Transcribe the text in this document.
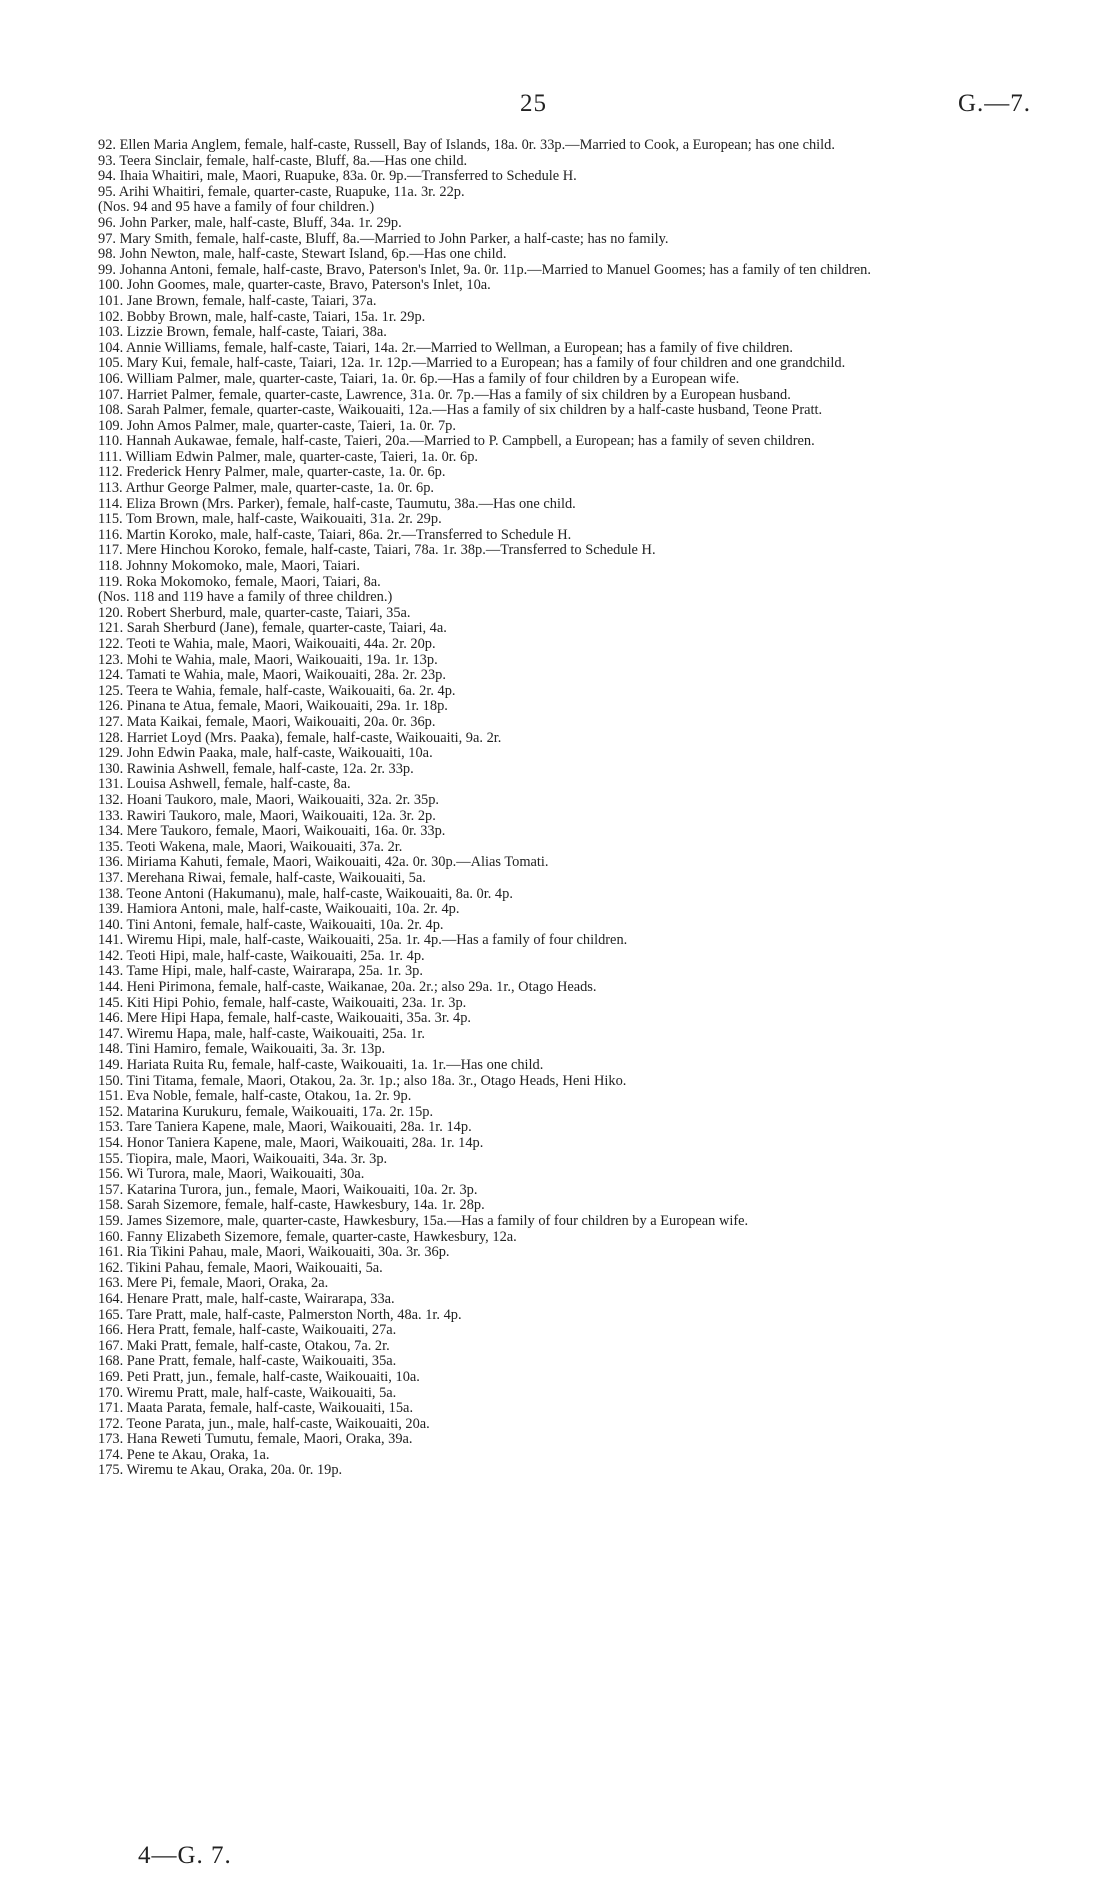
25	G.—7.

92. Ellen Maria Anglem, female, half-caste, Russell, Bay of Islands, 18a. 0r. 33p.—Married to Cook, a European; has one child.

93. Teera Sinclair, female, half-caste, Bluff, 8a.—Has one child.

94. Ihaia Whaitiri, male, Maori, Ruapuke, 83a. 0r. 9p.—Transferred to Schedule H.

95. Arihi Whaitiri, female, quarter-caste, Ruapuke, 11a. 3r. 22p.

(Nos. 94 and 95 have a family of four children.)

96. John Parker, male, half-caste, Bluff, 34a. 1r. 29p.

97. Mary Smith, female, half-caste, Bluff, 8a.—Married to John Parker, a half-caste; has no family.

98. John Newton, male, half-caste, Stewart Island, 6p.—Has one child.

99. Johanna Antoni, female, half-caste, Bravo, Paterson's Inlet, 9a. 0r. 11p.—Married to Manuel Goomes; has a family of ten children.

100. John Goomes, male, quarter-caste, Bravo, Paterson's Inlet, 10a.

101. Jane Brown, female, half-caste, Taiari, 37a.

102. Bobby Brown, male, half-caste, Taiari, 15a. 1r. 29p.

103. Lizzie Brown, female, half-caste, Taiari, 38a.

104. Annie Williams, female, half-caste, Taiari, 14a. 2r.—Married to Wellman, a European; has a family of five children.

105. Mary Kui, female, half-caste, Taiari, 12a. 1r. 12p.—Married to a European; has a family of four children and one grandchild.

106. William Palmer, male, quarter-caste, Taiari, 1a. 0r. 6p.—Has a family of four children by a European wife.

107. Harriet Palmer, female, quarter-caste, Lawrence, 31a. 0r. 7p.—Has a family of six children by a European husband.

108. Sarah Palmer, female, quarter-caste, Waikouaiti, 12a.—Has a family of six children by a half-caste husband, Teone Pratt.

109. John Amos Palmer, male, quarter-caste, Taieri, 1a. 0r. 7p.

110. Hannah Aukawae, female, half-caste, Taieri, 20a.—Married to P. Campbell, a European; has a family of seven children.

111. William Edwin Palmer, male, quarter-caste, Taieri, 1a. 0r. 6p.

112. Frederick Henry Palmer, male, quarter-caste, 1a. 0r. 6p.

113. Arthur George Palmer, male, quarter-caste, 1a. 0r. 6p.

114. Eliza Brown (Mrs. Parker), female, half-caste, Taumutu, 38a.—Has one child.

115. Tom Brown, male, half-caste, Waikouaiti, 31a. 2r. 29p.

116. Martin Koroko, male, half-caste, Taiari, 86a. 2r.—Transferred to Schedule H.

117. Mere Hinchou Koroko, female, half-caste, Taiari, 78a. 1r. 38p.—Transferred to Schedule H.

118. Johnny Mokomoko, male, Maori, Taiari.

119. Roka Mokomoko, female, Maori, Taiari, 8a.

(Nos. 118 and 119 have a family of three children.)

120. Robert Sherburd, male, quarter-caste, Taiari, 35a.

121. Sarah Sherburd (Jane), female, quarter-caste, Taiari, 4a.

122. Teoti te Wahia, male, Maori, Waikouaiti, 44a. 2r. 20p.

123. Mohi te Wahia, male, Maori, Waikouaiti, 19a. 1r. 13p.

124. Tamati te Wahia, male, Maori, Waikouaiti, 28a. 2r. 23p.

125. Teera te Wahia, female, half-caste, Waikouaiti, 6a. 2r. 4p.

126. Pinana te Atua, female, Maori, Waikouaiti, 29a. 1r. 18p.

127. Mata Kaikai, female, Maori, Waikouaiti, 20a. 0r. 36p.

128. Harriet Loyd (Mrs. Paaka), female, half-caste, Waikouaiti, 9a. 2r.

129. John Edwin Paaka, male, half-caste, Waikouaiti, 10a.

130. Rawinia Ashwell, female, half-caste, 12a. 2r. 33p.

131. Louisa Ashwell, female, half-caste, 8a.

132. Hoani Taukoro, male, Maori, Waikouaiti, 32a. 2r. 35p.

133. Rawiri Taukoro, male, Maori, Waikouaiti, 12a. 3r. 2p.

134. Mere Taukoro, female, Maori, Waikouaiti, 16a. 0r. 33p.

135. Teoti Wakena, male, Maori, Waikouaiti, 37a. 2r.

136. Miriama Kahuti, female, Maori, Waikouaiti, 42a. 0r. 30p.—Alias Tomati.

137. Merehana Riwai, female, half-caste, Waikouaiti, 5a.

138. Teone Antoni (Hakumanu), male, half-caste, Waikouaiti, 8a. 0r. 4p.

139. Hamiora Antoni, male, half-caste, Waikouaiti, 10a. 2r. 4p.

140. Tini Antoni, female, half-caste, Waikouaiti, 10a. 2r. 4p.

141. Wiremu Hipi, male, half-caste, Waikouaiti, 25a. 1r. 4p.—Has a family of four children.

142. Teoti Hipi, male, half-caste, Waikouaiti, 25a. 1r. 4p.

143. Tame Hipi, male, half-caste, Wairarapa, 25a. 1r. 3p.

144. Heni Pirimona, female, half-caste, Waikanae, 20a. 2r.; also 29a. 1r., Otago Heads.

145. Kiti Hipi Pohio, female, half-caste, Waikouaiti, 23a. 1r. 3p.

146. Mere Hipi Hapa, female, half-caste, Waikouaiti, 35a. 3r. 4p.

147. Wiremu Hapa, male, half-caste, Waikouaiti, 25a. 1r.

148. Tini Hamiro, female, Waikouaiti, 3a. 3r. 13p.

149. Hariata Ruita Ru, female, half-caste, Waikouaiti, 1a. 1r.—Has one child.

150. Tini Titama, female, Maori, Otakou, 2a. 3r. 1p.; also 18a. 3r., Otago Heads, Heni Hiko.

151. Eva Noble, female, half-caste, Otakou, 1a. 2r. 9p.

152. Matarina Kurukuru, female, Waikouaiti, 17a. 2r. 15p.

153. Tare Taniera Kapene, male, Maori, Waikouaiti, 28a. 1r. 14p.

154. Honor Taniera Kapene, male, Maori, Waikouaiti, 28a. 1r. 14p.

155. Tiopira, male, Maori, Waikouaiti, 34a. 3r. 3p.

156. Wi Turora, male, Maori, Waikouaiti, 30a.

157. Katarina Turora, jun., female, Maori, Waikouaiti, 10a. 2r. 3p.

158. Sarah Sizemore, female, half-caste, Hawkesbury, 14a. 1r. 28p.

159. James Sizemore, male, quarter-caste, Hawkesbury, 15a.—Has a family of four children by a European wife.

160. Fanny Elizabeth Sizemore, female, quarter-caste, Hawkesbury, 12a.

161. Ria Tikini Pahau, male, Maori, Waikouaiti, 30a. 3r. 36p.

162. Tikini Pahau, female, Maori, Waikouaiti, 5a.

163. Mere Pi, female, Maori, Oraka, 2a.

164. Henare Pratt, male, half-caste, Wairarapa, 33a.

165. Tare Pratt, male, half-caste, Palmerston North, 48a. 1r. 4p.

166. Hera Pratt, female, half-caste, Waikouaiti, 27a.

167. Maki Pratt, female, half-caste, Otakou, 7a. 2r.

168. Pane Pratt, female, half-caste, Waikouaiti, 35a.

169. Peti Pratt, jun., female, half-caste, Waikouaiti, 10a.

170. Wiremu Pratt, male, half-caste, Waikouaiti, 5a.

171. Maata Parata, female, half-caste, Waikouaiti, 15a.

172. Teone Parata, jun., male, half-caste, Waikouaiti, 20a.

173. Hana Reweti Tumutu, female, Maori, Oraka, 39a.

174. Pene te Akau, Oraka, 1a.

175. Wiremu te Akau, Oraka, 20a. 0r. 19p.

4—G. 7.
